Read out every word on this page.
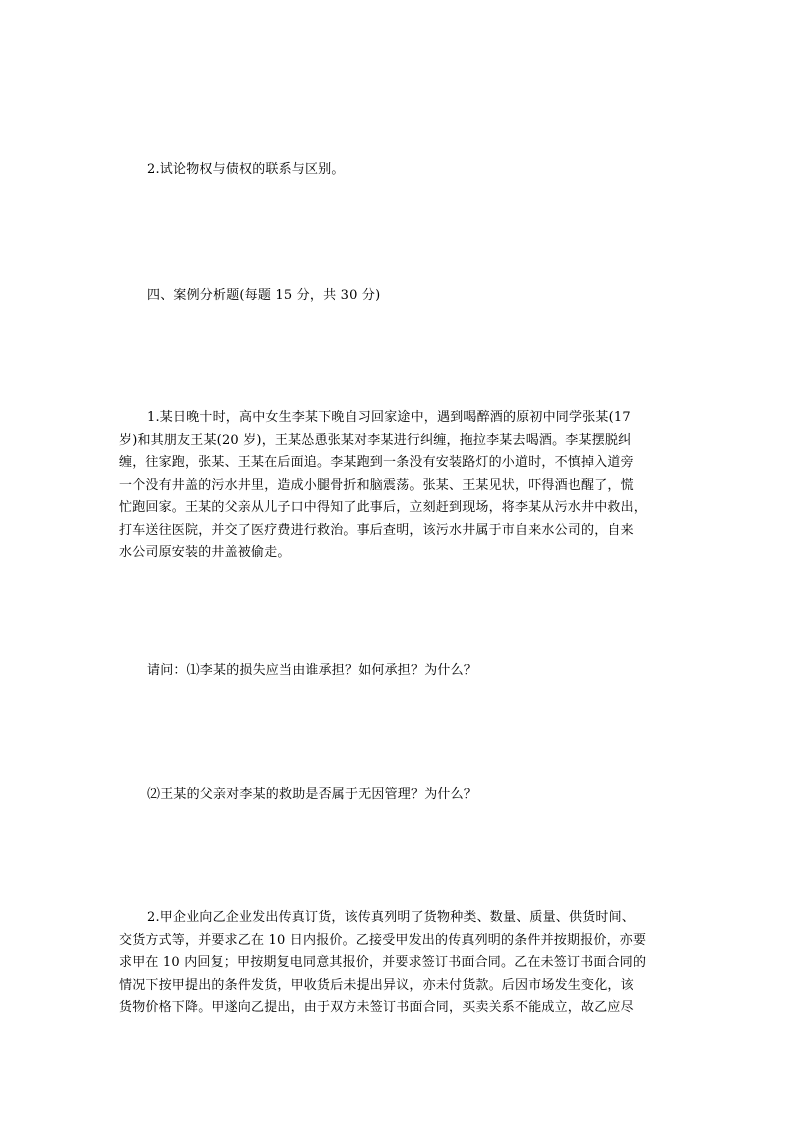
2.试论物权与债权的联系与区别。
四、案例分析题(每题 15 分，共 30 分)
1.某日晚十时，高中女生李某下晚自习回家途中，遇到喝醉酒的原初中同学张某(17
岁)和其朋友王某(20 岁)，王某怂恿张某对李某进行纠缠，拖拉李某去喝酒。李某摆脱纠
缠，往家跑，张某、王某在后面追。李某跑到一条没有安装路灯的小道时，不慎掉入道旁
一个没有井盖的污水井里，造成小腿骨折和脑震荡。张某、王某见状，吓得酒也醒了，慌
忙跑回家。王某的父亲从儿子口中得知了此事后，立刻赶到现场，将李某从污水井中救出，
打车送往医院，并交了医疗费进行救治。事后查明，该污水井属于市自来水公司的，自来
水公司原安装的井盖被偷走。
请问：⑴李某的损失应当由谁承担？如何承担？为什么？
⑵王某的父亲对李某的救助是否属于无因管理？为什么？
2.甲企业向乙企业发出传真订货，该传真列明了货物种类、数量、质量、供货时间、
交货方式等，并要求乙在 10 日内报价。乙接受甲发出的传真列明的条件并按期报价，亦要
求甲在 10 内回复；甲按期复电同意其报价，并要求签订书面合同。乙在未签订书面合同的
情况下按甲提出的条件发货，甲收货后未提出异议，亦未付货款。后因市场发生变化，该
货物价格下降。甲遂向乙提出，由于双方未签订书面合同，买卖关系不能成立，故乙应尽
